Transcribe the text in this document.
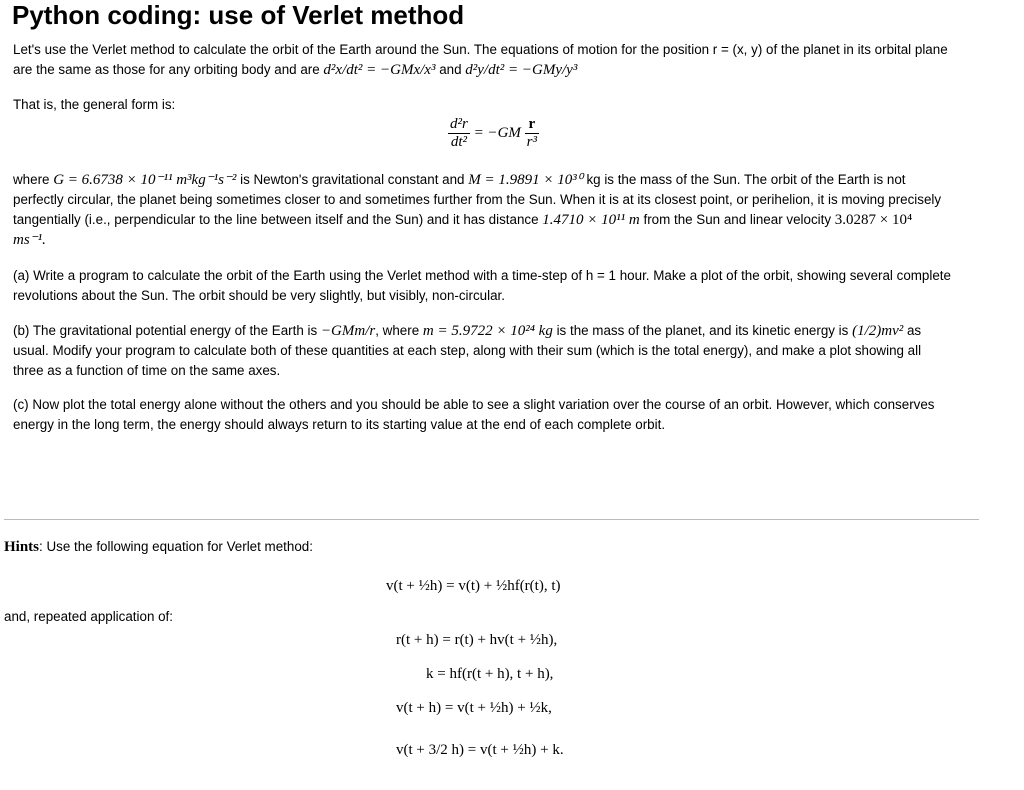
Python coding: use of Verlet method
Let's use the Verlet method to calculate the orbit of the Earth around the Sun. The equations of motion for the position r = (x, y) of the planet in its orbital plane
are the same as those for any orbiting body and are d²x/dt² = −GMx/x³ and d²y/dt² = −GMy/y³
That is, the general form is:
$\frac{\text{d²r}}{\text{dt²}} = -GM \frac{r}{\text{r³}}$
where G = 6.6738 × 10⁻¹¹ m³kg⁻¹s⁻² is Newton's gravitational constant and M = 1.9891 × 10³⁰ kg is the mass of the Sun. The orbit of the Earth is not
perfectly circular, the planet being sometimes closer to and sometimes further from the Sun. When it is at its closest point, or perihelion, it is moving precisely
tangentially (i.e., perpendicular to the line between itself and the Sun) and it has distance 1.4710 × 10¹¹ m from the Sun and linear velocity 3.0287 × 10⁴
ms⁻¹.
(a) Write a program to calculate the orbit of the Earth using the Verlet method with a time-step of h = 1 hour. Make a plot of the orbit, showing several complete
revolutions about the Sun. The orbit should be very slightly, but visibly, non-circular.
(b) The gravitational potential energy of the Earth is −GMm/r, where m = 5.9722 × 10²⁴ kg is the mass of the planet, and its kinetic energy is (1/2)mv² as
usual. Modify your program to calculate both of these quantities at each step, along with their sum (which is the total energy), and make a plot showing all
three as a function of time on the same axes.
(c) Now plot the total energy alone without the others and you should be able to see a slight variation over the course of an orbit. However, which conserves
energy in the long term, the energy should always return to its starting value at the end of each complete orbit.
Hints: Use the following equation for Verlet method:
v(t + ½h) = v(t) + ½hf(r(t), t)
and, repeated application of:
r(t + h) = r(t) + hv(t + ½h),
k = hf(r(t + h), t + h),
v(t + h) = v(t + ½h) + ½k,
v(t + 3/2 h) = v(t + ½h) + k.
